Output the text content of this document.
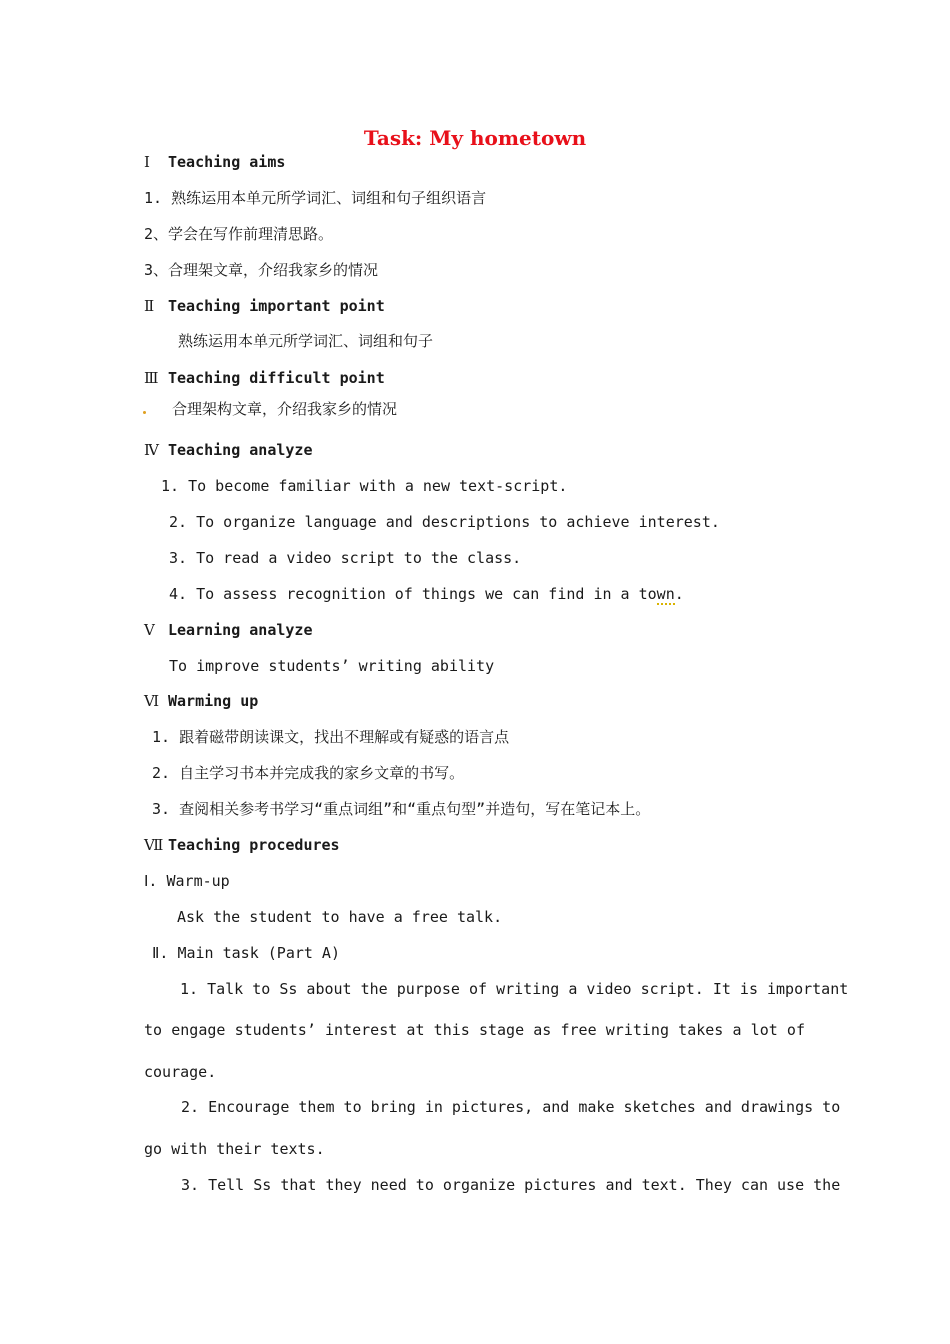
Task: My hometown
Ⅰ Teaching aims
1. 熟练运用本单元所学词汇、词组和句子组织语言
2、学会在写作前理清思路。
3、合理架文章，介绍我家乡的情况
Ⅱ Teaching important point
熟练运用本单元所学词汇、词组和句子
Ⅲ Teaching difficult point
合理架构文章，介绍我家乡的情况
Ⅳ Teaching analyze
1. To become familiar with a new text-script.
2. To organize language and descriptions to achieve interest.
3. To read a video script to the class.
4. To assess recognition of things we can find in a town.
Ⅴ Learning analyze
To improve students’ writing ability
Ⅵ Warming up
1. 跟着磁带朗读课文，找出不理解或有疑惑的语言点
2. 自主学习书本并完成我的家乡文章的书写。
3. 查阅相关参考书学习“重点词组”和“重点句型”并造句，写在笔记本上。
Ⅶ Teaching procedures
Ⅰ. Warm-up
Ask the student to have a free talk.
Ⅱ. Main task (Part A)
1. Talk to Ss about the purpose of writing a video script. It is important
to engage students’ interest at this stage as free writing takes a lot of
courage.
2. Encourage them to bring in pictures, and make sketches and drawings to
go with their texts.
3. Tell Ss that they need to organize pictures and text. They can use the
